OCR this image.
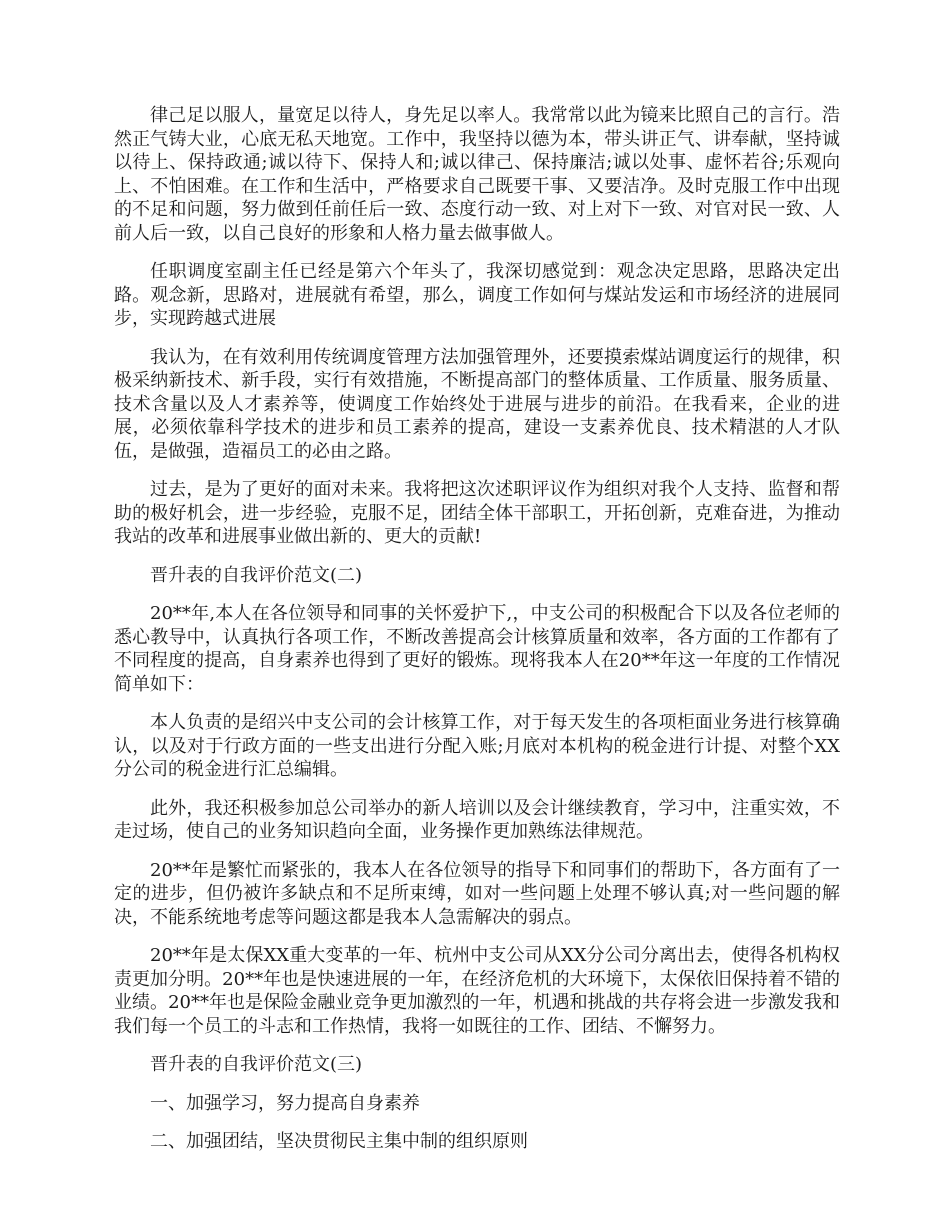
律己足以服人，量宽足以待人，身先足以率人。我常常以此为镜来比照自己的言行。浩然正气铸大业，心底无私天地宽。工作中，我坚持以德为本，带头讲正气、讲奉献，坚持诚以待上、保持政通;诚以待下、保持人和;诚以律己、保持廉洁;诚以处事、虚怀若谷;乐观向上、不怕困难。在工作和生活中，严格要求自己既要干事、又要洁净。及时克服工作中出现的不足和问题，努力做到任前任后一致、态度行动一致、对上对下一致、对官对民一致、人前人后一致，以自己良好的形象和人格力量去做事做人。

任职调度室副主任已经是第六个年头了，我深切感觉到：观念决定思路，思路决定出路。观念新，思路对，进展就有希望，那么，调度工作如何与煤站发运和市场经济的进展同步，实现跨越式进展

我认为，在有效利用传统调度管理方法加强管理外，还要摸索煤站调度运行的规律，积极采纳新技术、新手段，实行有效措施，不断提高部门的整体质量、工作质量、服务质量、技术含量以及人才素养等，使调度工作始终处于进展与进步的前沿。在我看来，企业的进展，必须依靠科学技术的进步和员工素养的提高，建设一支素养优良、技术精湛的人才队伍，是做强，造福员工的必由之路。

过去，是为了更好的面对未来。我将把这次述职评议作为组织对我个人支持、监督和帮助的极好机会，进一步经验，克服不足，团结全体干部职工，开拓创新，克难奋进，为推动我站的改革和进展事业做出新的、更大的贡献!

晋升表的自我评价范文(二)

20**年,本人在各位领导和同事的关怀爱护下,，中支公司的积极配合下以及各位老师的悉心教导中，认真执行各项工作，不断改善提高会计核算质量和效率，各方面的工作都有了不同程度的提高，自身素养也得到了更好的锻炼。现将我本人在20**年这一年度的工作情况简单如下：

本人负责的是绍兴中支公司的会计核算工作，对于每天发生的各项柜面业务进行核算确认，以及对于行政方面的一些支出进行分配入账;月底对本机构的税金进行计提、对整个XX分公司的税金进行汇总编辑。

此外，我还积极参加总公司举办的新人培训以及会计继续教育，学习中，注重实效，不走过场，使自己的业务知识趋向全面，业务操作更加熟练法律规范。

20**年是繁忙而紧张的，我本人在各位领导的指导下和同事们的帮助下，各方面有了一定的进步，但仍被许多缺点和不足所束缚，如对一些问题上处理不够认真;对一些问题的解决，不能系统地考虑等问题这都是我本人急需解决的弱点。

20**年是太保XX重大变革的一年、杭州中支公司从XX分公司分离出去，使得各机构权责更加分明。20**年也是快速进展的一年，在经济危机的大环境下，太保依旧保持着不错的业绩。20**年也是保险金融业竞争更加激烈的一年，机遇和挑战的共存将会进一步激发我和我们每一个员工的斗志和工作热情，我将一如既往的工作、团结、不懈努力。

晋升表的自我评价范文(三)

一、加强学习，努力提高自身素养

二、加强团结，坚决贯彻民主集中制的组织原则
